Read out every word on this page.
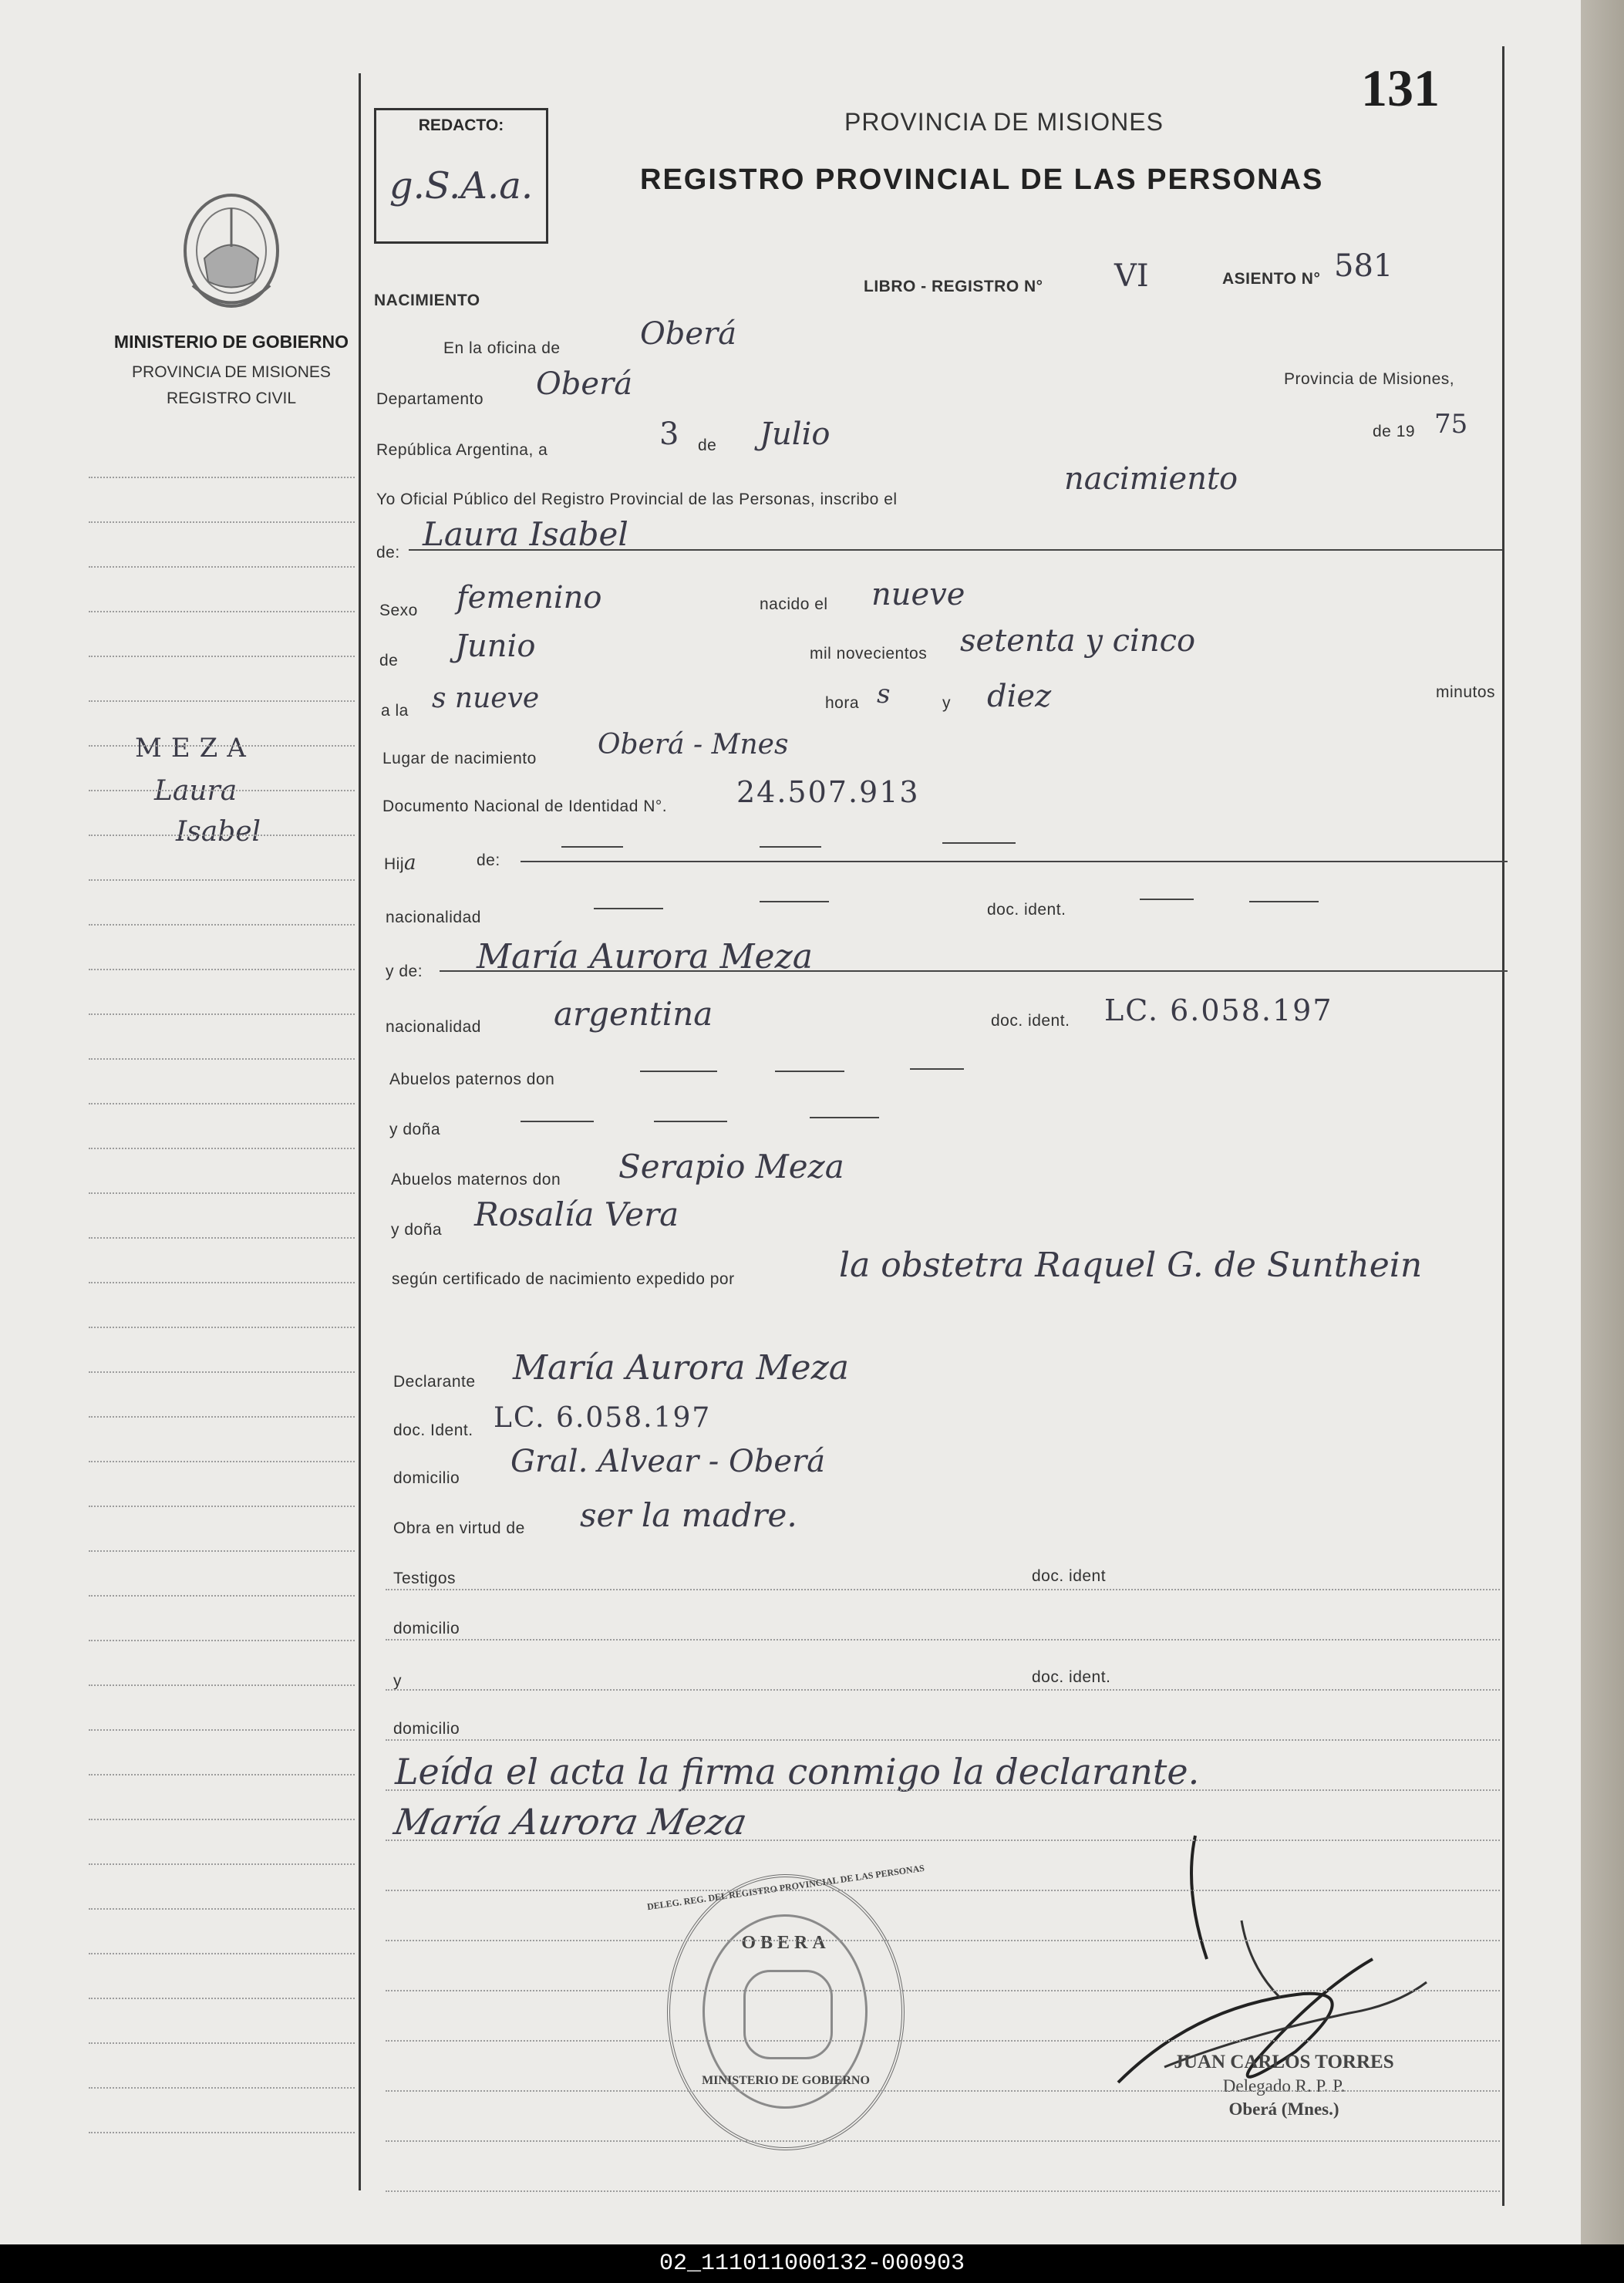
MINISTERIO DE GOBIERNO
PROVINCIA DE MISIONES
REGISTRO CIVIL
MEZA
Laura
Isabel
131
REDACTO:
g.S.A.a.
PROVINCIA DE MISIONES
REGISTRO PROVINCIAL DE LAS PERSONAS
NACIMIENTO
LIBRO - REGISTRO N° VI	ASIENTO N° 581
En la oficina de	Oberá
Departamento Oberá	Provincia de Misiones,
República Argentina, a	3 de Julio	de 19 75
Yo Oficial Público del Registro Provincial de las Personas, inscribo el
nacimiento
de: Laura Isabel
Sexo femenino	nacido el nueve
de Junio	mil novecientos setenta y cinco
a la s nueve	hora s	y diez	minutos
Lugar de nacimiento Oberá - Mnes
Documento Nacional de Identidad N°. 24.507.913
Hija	de:
nacionalidad	doc. ident.
y de: María Aurora Meza
nacionalidad argentina	doc. ident. LC. 6.058.197
Abuelos paternos don
y doña
Abuelos maternos don Serapio Meza
y doña Rosalía Vera
según certificado de nacimiento expedido por	la obstetra Raquel G. de Sunthein
Declarante María Aurora Meza
doc. Ident. LC. 6.058.197
domicilio Gral. Alvear - Oberá
Obra en virtud de ser la madre.
Testigos	doc. ident
domicilio
y	doc. ident.
domicilio
Leída el acta la firma conmigo la declarante.
María Aurora Meza
OBERA
DELEG. REG. DEL REGISTRO PROVINCIAL DE LAS PERSONAS
MINISTERIO DE GOBIERNO
JUAN CARLOS TORRES
Delegado R. P. P.
Oberá (Mnes.)
02_111011000132-000903
